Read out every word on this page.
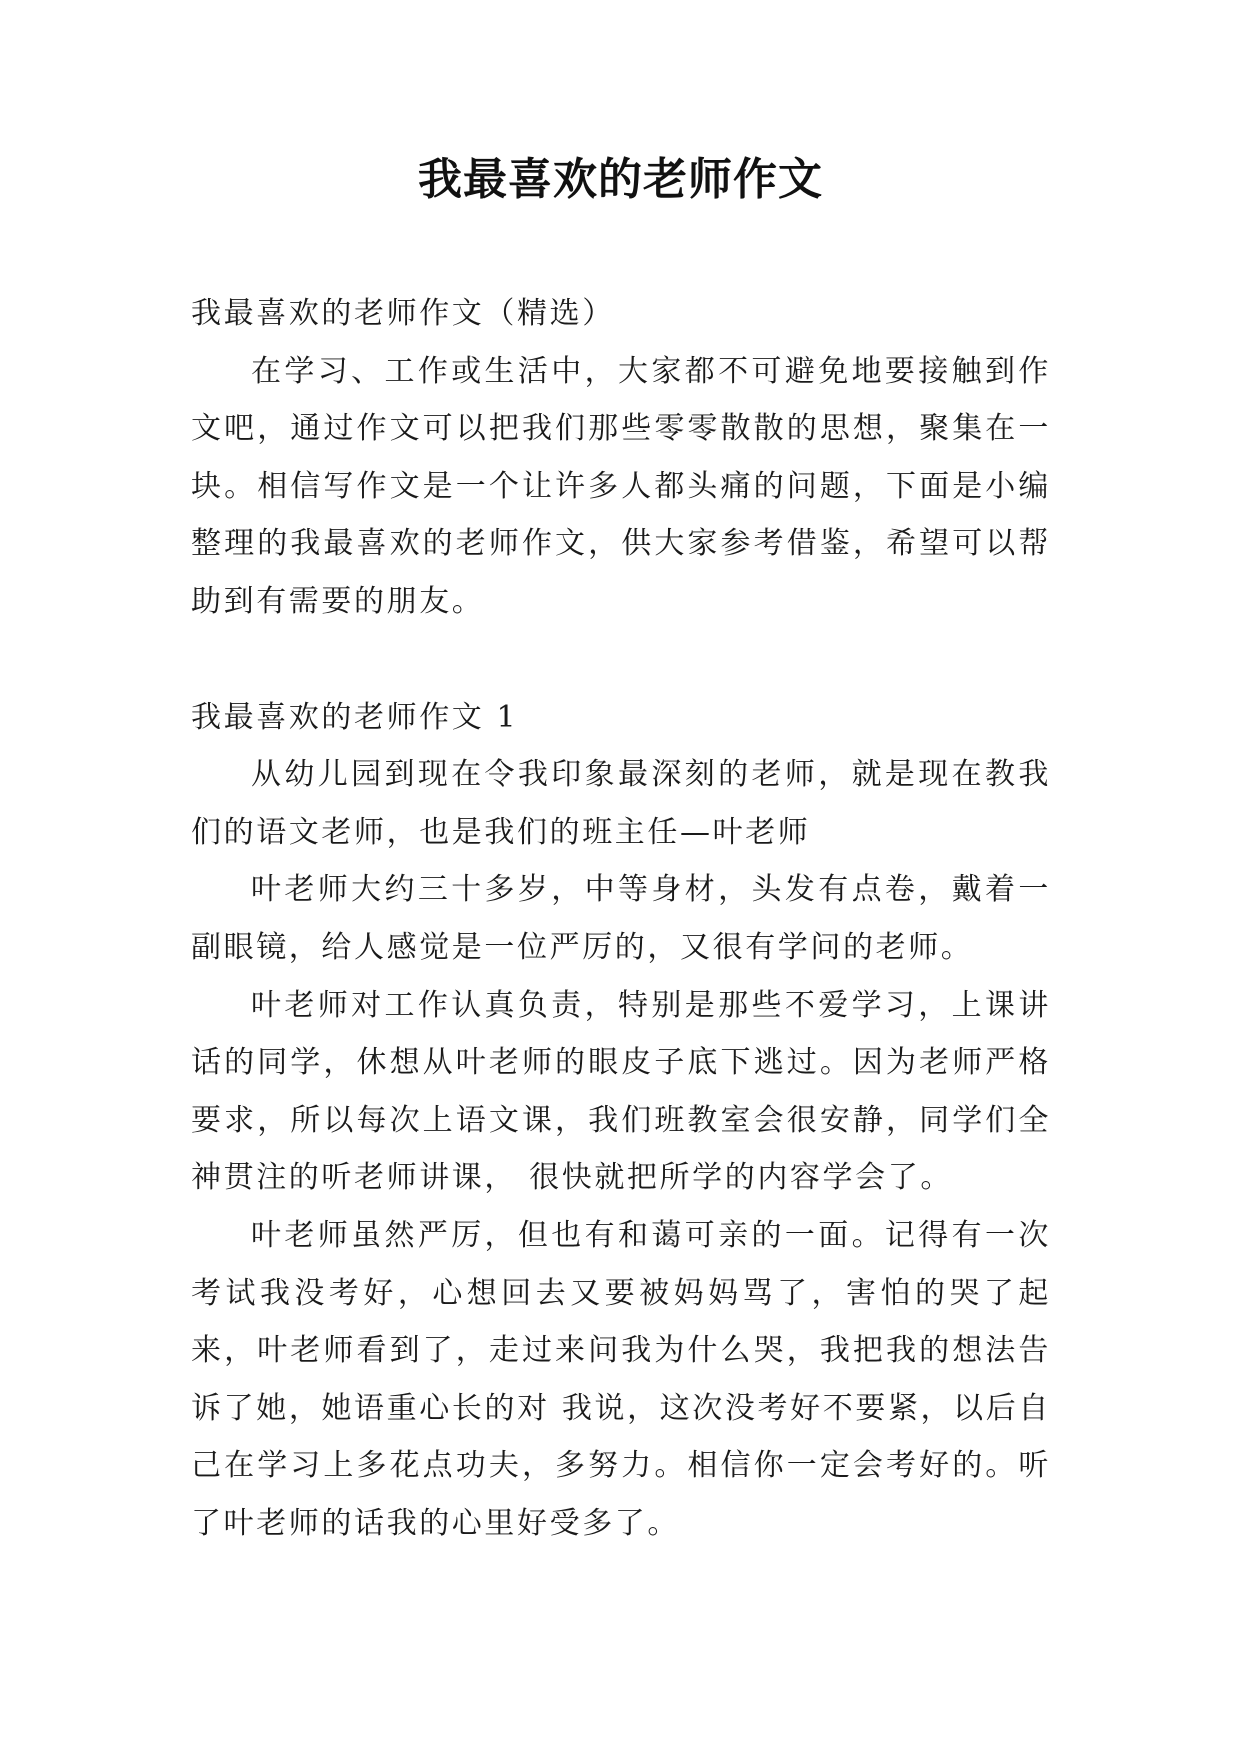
我最喜欢的老师作文

我最喜欢的老师作文（精选）

在学习、工作或生活中，大家都不可避免地要接触到作文吧，通过作文可以把我们那些零零散散的思想，聚集在一块。相信写作文是一个让许多人都头痛的问题，下面是小编整理的我最喜欢的老师作文，供大家参考借鉴，希望可以帮助到有需要的朋友。

我最喜欢的老师作文 1

从幼儿园到现在令我印象最深刻的老师，就是现在教我们的语文老师，也是我们的班主任—叶老师

叶老师大约三十多岁，中等身材，头发有点卷，戴着一副眼镜，给人感觉是一位严厉的，又很有学问的老师。

叶老师对工作认真负责，特别是那些不爱学习，上课讲话的同学，休想从叶老师的眼皮子底下逃过。因为老师严格要求，所以每次上语文课，我们班教室会很安静，同学们全神贯注的听老师讲课， 很快就把所学的内容学会了。

叶老师虽然严厉，但也有和蔼可亲的一面。记得有一次考试我没考好，心想回去又要被妈妈骂了，害怕的哭了起来，叶老师看到了，走过来问我为什么哭，我把我的想法告诉了她，她语重心长的对 我说，这次没考好不要紧，以后自己在学习上多花点功夫，多努力。相信你一定会考好的。听了叶老师的话我的心里好受多了。
